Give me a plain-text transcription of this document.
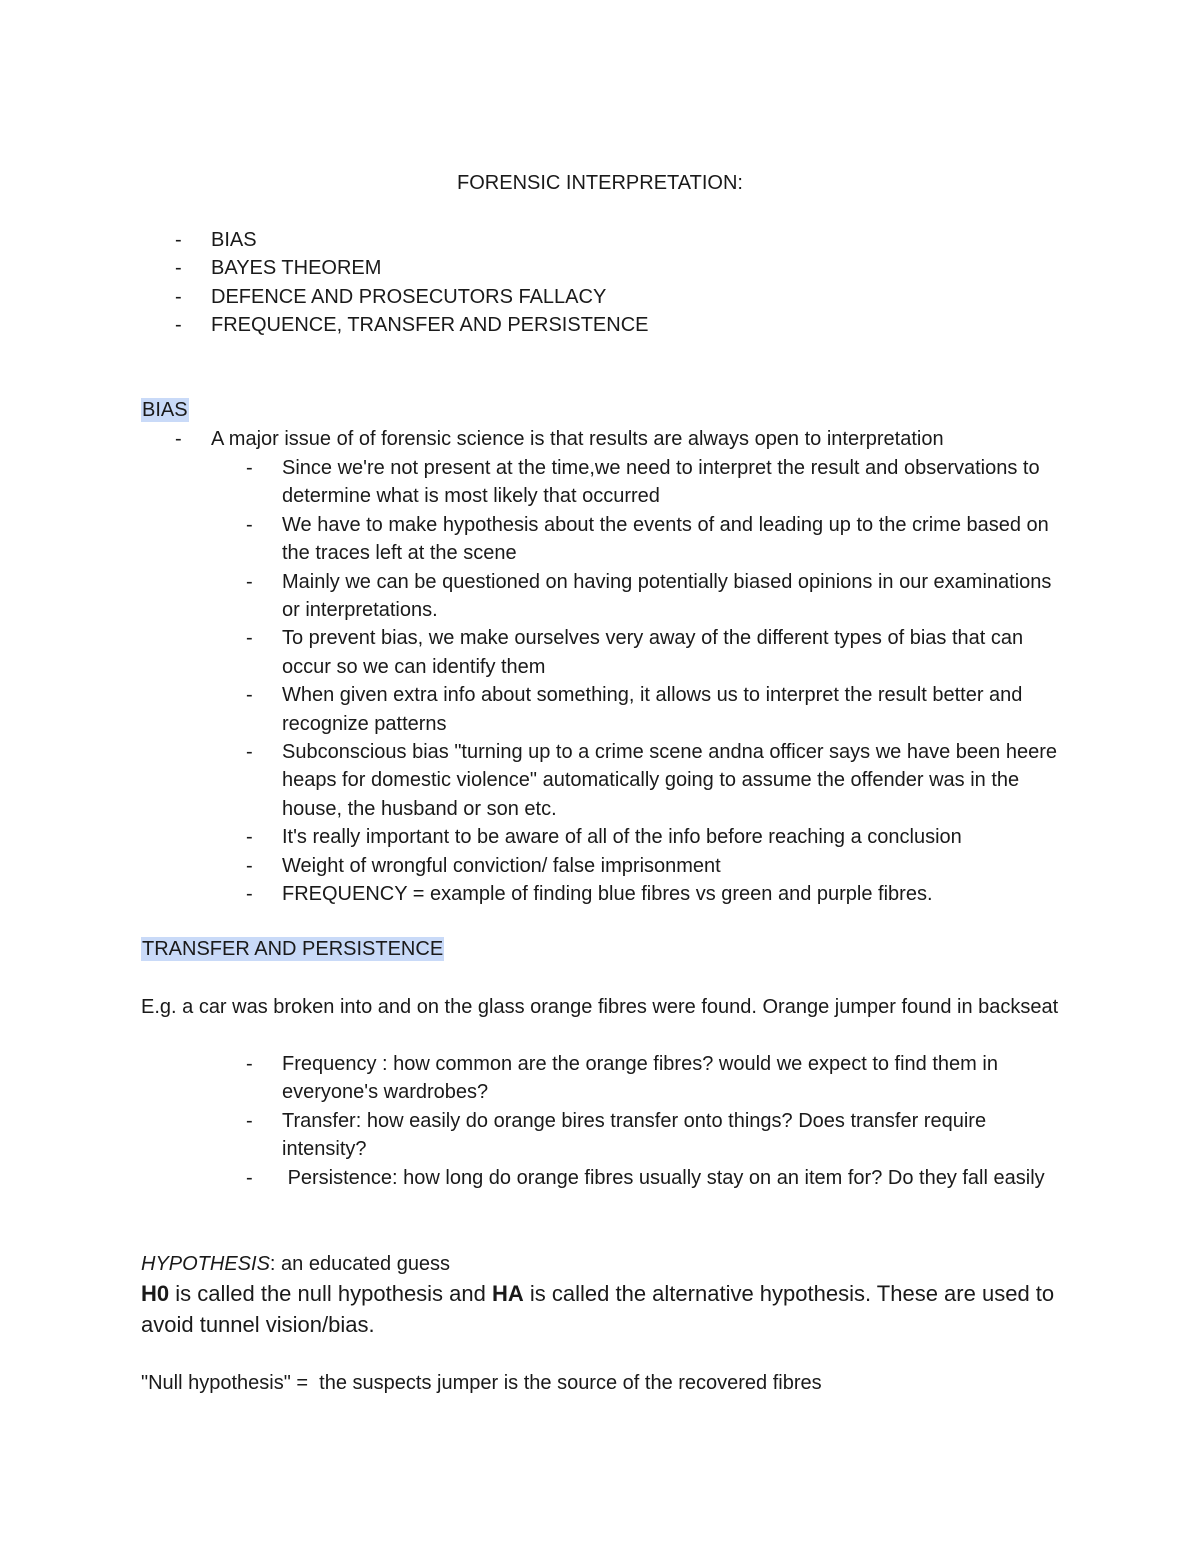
FORENSIC INTERPRETATION:
- BIAS
- BAYES THEOREM
- DEFENCE AND PROSECUTORS FALLACY
- FREQUENCE, TRANSFER AND PERSISTENCE
BIAS
- A major issue of of forensic science is that results are always open to interpretation
- Since we're not present at the time,we need to interpret the result and observations to determine what is most likely that occurred
- We have to make hypothesis about the events of and leading up to the crime based on the traces left at the scene
- Mainly we can be questioned on having potentially biased opinions in our examinations or interpretations.
- To prevent bias, we make ourselves very away of the different types of bias that can occur so we can identify them
- When given extra info about something, it allows us to interpret the result better and recognize patterns
- Subconscious bias "turning up to a crime scene andna officer says we have been heere heaps for domestic violence" automatically going to assume the offender was in the house, the husband or son etc.
- It's really important to be aware of all of the info before reaching a conclusion
- Weight of wrongful conviction/ false imprisonment
- FREQUENCY = example of finding blue fibres vs green and purple fibres.
TRANSFER AND PERSISTENCE

E.g. a car was broken into and on the glass orange fibres were found. Orange jumper found in backseat

- Frequency : how common are the orange fibres? would we expect to find them in everyone's wardrobes?
- Transfer: how easily do orange bires transfer onto things? Does transfer require intensity?
- Persistence: how long do orange fibres usually stay on an item for? Do they fall easily

HYPOTHESIS: an educated guess

H0 is called the null hypothesis and HA is called the alternative hypothesis. These are used to avoid tunnel vision/bias.

"Null hypothesis" =  the suspects jumper is the source of the recovered fibres
